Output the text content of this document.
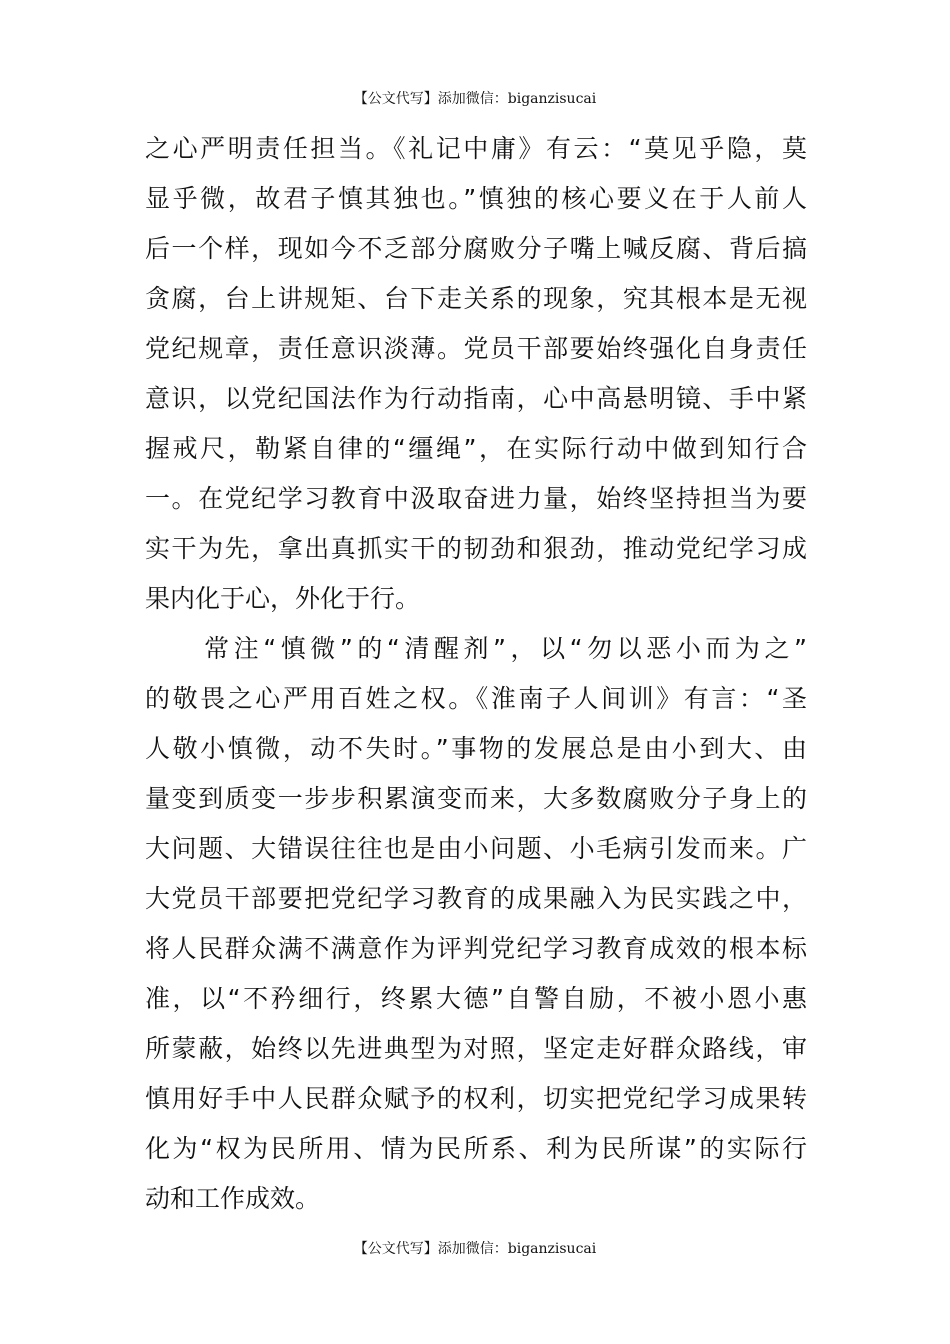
【公文代写】添加微信：biganzisucai
之心严明责任担当。《礼记中庸》有云：“莫见乎隐，莫
显乎微，故君子慎其独也。”慎独的核心要义在于人前人
后一个样，现如今不乏部分腐败分子嘴上喊反腐、背后搞
贪腐，台上讲规矩、台下走关系的现象，究其根本是无视
党纪规章，责任意识淡薄。党员干部要始终强化自身责任
意识，以党纪国法作为行动指南，心中高悬明镜、手中紧
握戒尺，勒紧自律的“缰绳”，在实际行动中做到知行合
一。在党纪学习教育中汲取奋进力量，始终坚持担当为要
实干为先，拿出真抓实干的韧劲和狠劲，推动党纪学习成
果内化于心，外化于行。
　　常注“慎微”的“清醒剂”，以“勿以恶小而为之”
的敬畏之心严用百姓之权。《淮南子人间训》有言：“圣
人敬小慎微，动不失时。”事物的发展总是由小到大、由
量变到质变一步步积累演变而来，大多数腐败分子身上的
大问题、大错误往往也是由小问题、小毛病引发而来。广
大党员干部要把党纪学习教育的成果融入为民实践之中，
将人民群众满不满意作为评判党纪学习教育成效的根本标
准，以“不矜细行，终累大德”自警自励，不被小恩小惠
所蒙蔽，始终以先进典型为对照，坚定走好群众路线，审
慎用好手中人民群众赋予的权利，切实把党纪学习成果转
化为“权为民所用、情为民所系、利为民所谋”的实际行
动和工作成效。
【公文代写】添加微信：biganzisucai
